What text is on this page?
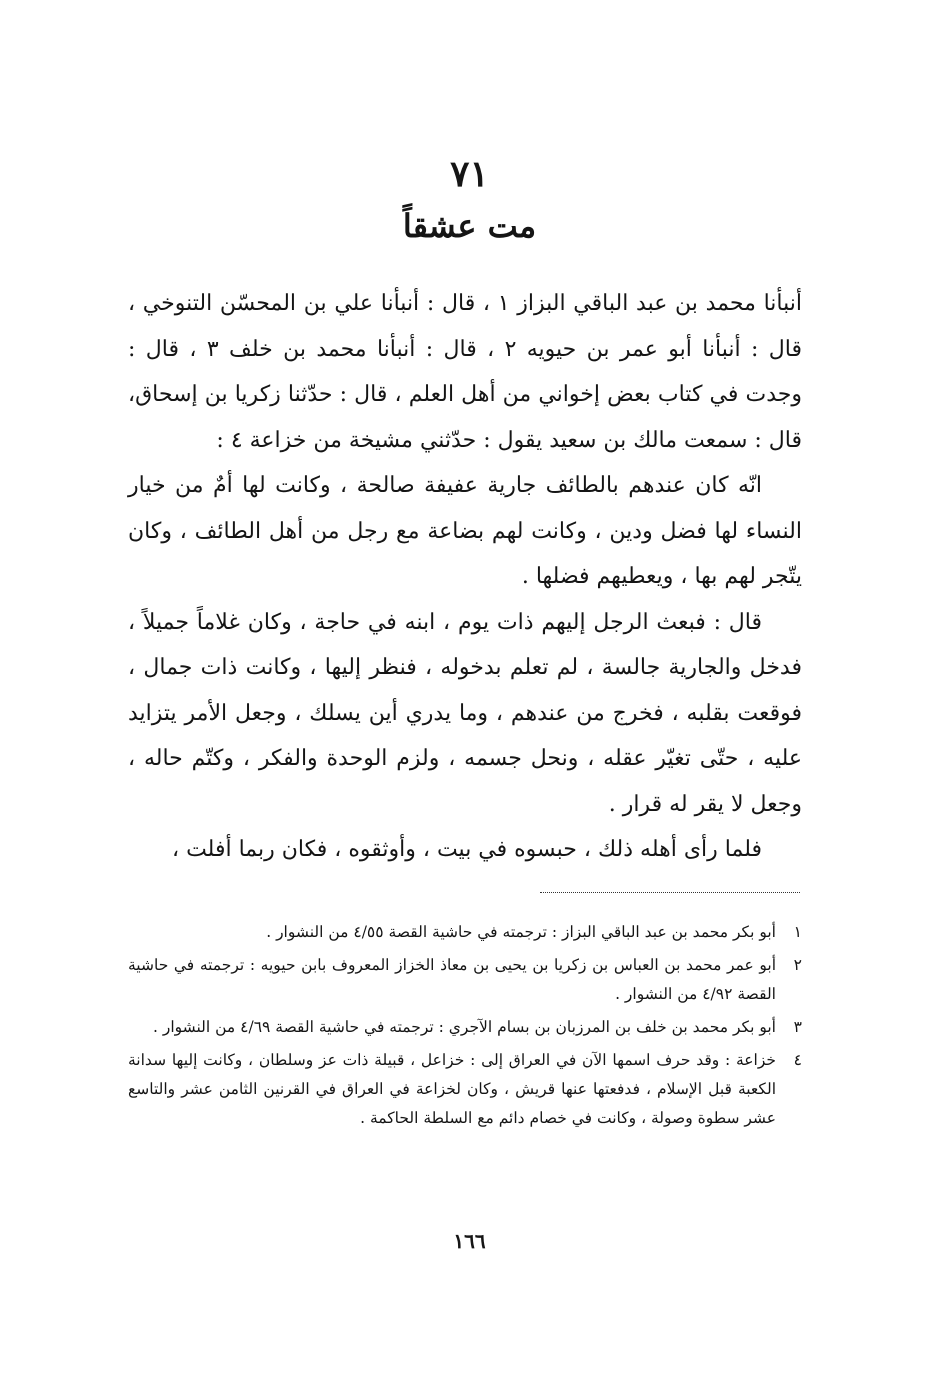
٧١
مت عشقاً

أنبأنا محمد بن عبد الباقي البزاز ١ ، قال : أنبأنا علي بن المحسّن التنوخي ، قال : أنبأنا أبو عمر بن حيويه ٢ ، قال : أنبأنا محمد بن خلف ٣ ، قال : وجدت في كتاب بعض إخواني من أهل العلم ، قال : حدّثنا زكريا بن إسحاق، قال : سمعت مالك بن سعيد يقول : حدّثني مشيخة من خزاعة ٤ :

انّه كان عندهم بالطائف جارية عفيفة صالحة ، وكانت لها أمٌ من خيار النساء لها فضل ودين ، وكانت لهم بضاعة مع رجل من أهل الطائف ، وكان يتّجر لهم بها ، ويعطيهم فضلها .

قال : فبعث الرجل إليهم ذات يوم ، ابنه في حاجة ، وكان غلاماً جميلاً ، فدخل والجارية جالسة ، لم تعلم بدخوله ، فنظر إليها ، وكانت ذات جمال ، فوقعت بقلبه ، فخرج من عندهم ، وما يدري أين يسلك ، وجعل الأمر يتزايد عليه ، حتّى تغيّر عقله ، ونحل جسمه ، ولزم الوحدة والفكر ، وكتّم حاله ، وجعل لا يقر له قرار .

فلما رأى أهله ذلك ، حبسوه في بيت ، وأوثقوه ، فكان ربما أفلت ،

١
أبو بكر محمد بن عبد الباقي البزاز : ترجمته في حاشية القصة ٤/٥٥ من النشوار .
٢
أبو عمر محمد بن العباس بن زكريا بن يحيى بن معاذ الخزاز المعروف بابن حيويه : ترجمته في حاشية القصة ٤/٩٢ من النشوار .
٣
أبو بكر محمد بن خلف بن المرزبان بن بسام الآجري : ترجمته في حاشية القصة ٤/٦٩ من النشوار .
٤
خزاعة : وقد حرف اسمها الآن في العراق إلى : خزاعل ، قبيلة ذات عز وسلطان ، وكانت إليها سدانة الكعبة قبل الإسلام ، فدفعتها عنها قريش ، وكان لخزاعة في العراق في القرنين الثامن عشر والتاسع عشر سطوة وصولة ، وكانت في خصام دائم مع السلطة الحاكمة .
١٦٦
